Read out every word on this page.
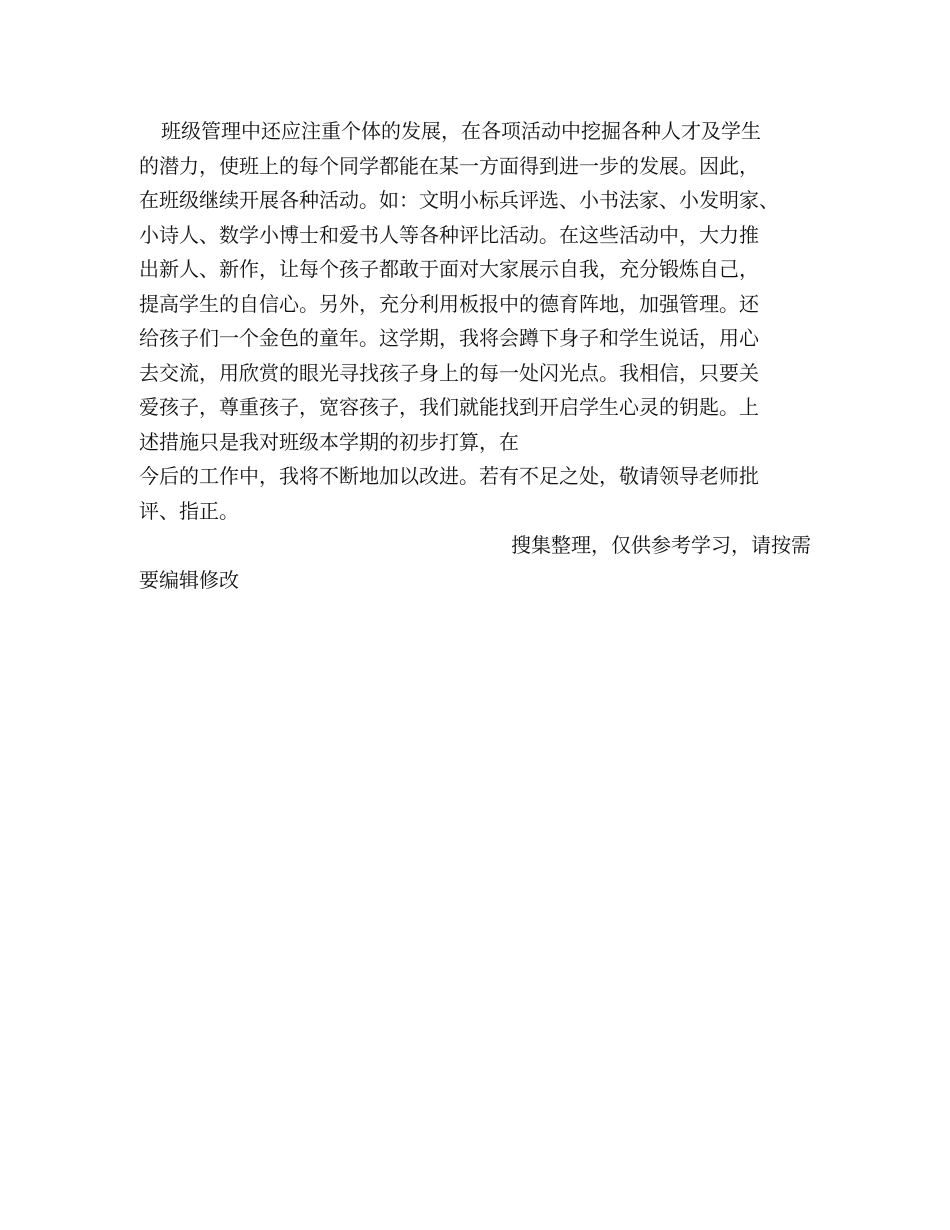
班级管理中还应注重个体的发展，在各项活动中挖掘各种人才及学生
的潜力，使班上的每个同学都能在某一方面得到进一步的发展。因此，
在班级继续开展各种活动。如：文明小标兵评选、小书法家、小发明家、
小诗人、数学小博士和爱书人等各种评比活动。在这些活动中，大力推
出新人、新作，让每个孩子都敢于面对大家展示自我，充分锻炼自己，
提高学生的自信心。另外，充分利用板报中的德育阵地，加强管理。还
给孩子们一个金色的童年。这学期，我将会蹲下身子和学生说话，用心
去交流，用欣赏的眼光寻找孩子身上的每一处闪光点。我相信，只要关
爱孩子，尊重孩子，宽容孩子，我们就能找到开启学生心灵的钥匙。上
述措施只是我对班级本学期的初步打算，在
今后的工作中，我将不断地加以改进。若有不足之处，敬请领导老师批
评、指正。
搜集整理，仅供参考学习，请按需
要编辑修改
